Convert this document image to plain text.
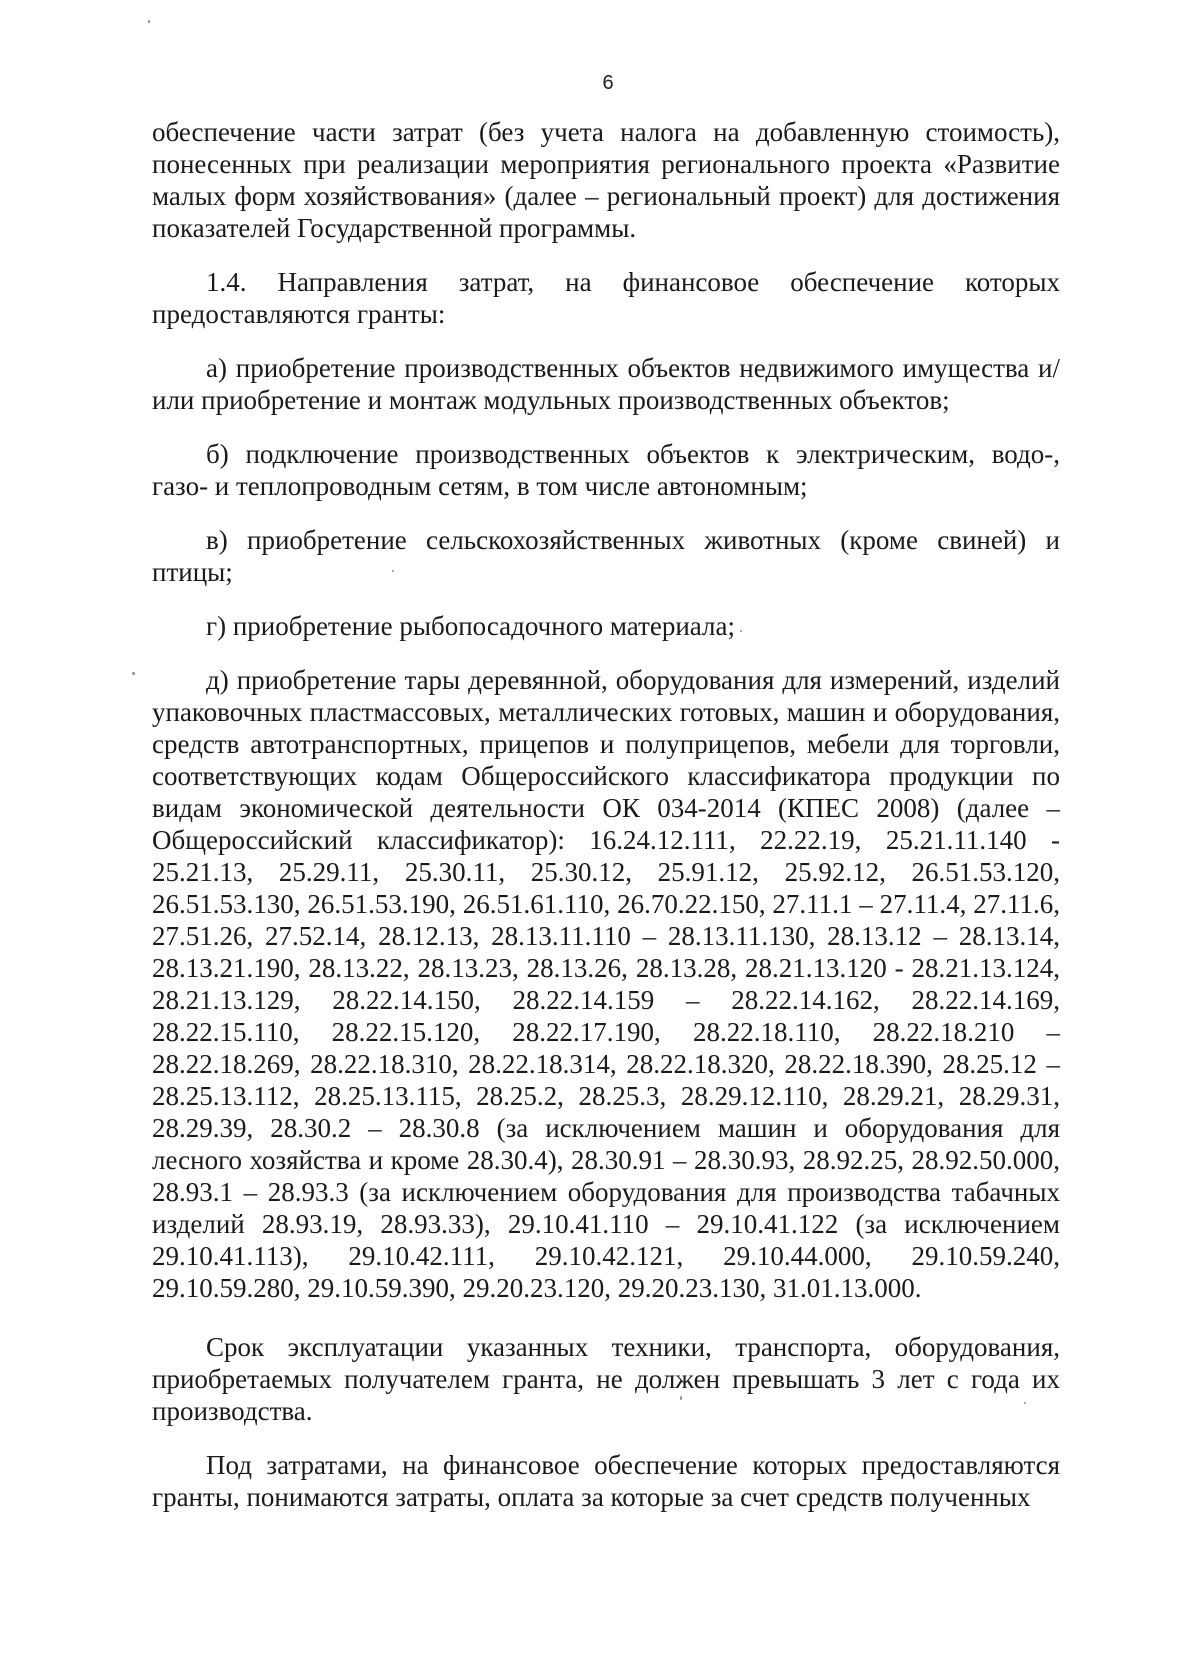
6

обеспечение части затрат (без учета налога на добавленную стоимость), понесенных при реализации мероприятия регионального проекта «Развитие малых форм хозяйствования» (далее – региональный проект) для достижения показателей Государственной программы.

1.4. Направления затрат, на финансовое обеспечение которых предоставляются гранты:

а) приобретение производственных объектов недвижимого имущества и/или приобретение и монтаж модульных производственных объектов;

б) подключение производственных объектов к электрическим, водо-, газо- и теплопроводным сетям, в том числе автономным;

в) приобретение сельскохозяйственных животных (кроме свиней) и птицы;

г) приобретение рыбопосадочного материала;

д) приобретение тары деревянной, оборудования для измерений, изделий упаковочных пластмассовых, металлических готовых, машин и оборудования, средств автотранспортных, прицепов и полуприцепов, мебели для торговли, соответствующих кодам Общероссийского классификатора продукции по видам экономической деятельности ОК 034-2014 (КПЕС 2008) (далее – Общероссийский классификатор): 16.24.12.111, 22.22.19, 25.21.11.140 - 25.21.13, 25.29.11, 25.30.11, 25.30.12, 25.91.12, 25.92.12, 26.51.53.120, 26.51.53.130, 26.51.53.190, 26.51.61.110, 26.70.22.150, 27.11.1 – 27.11.4, 27.11.6, 27.51.26, 27.52.14, 28.12.13, 28.13.11.110 – 28.13.11.130, 28.13.12 – 28.13.14, 28.13.21.190, 28.13.22, 28.13.23, 28.13.26, 28.13.28, 28.21.13.120 - 28.21.13.124, 28.21.13.129, 28.22.14.150, 28.22.14.159 – 28.22.14.162, 28.22.14.169, 28.22.15.110, 28.22.15.120, 28.22.17.190, 28.22.18.110, 28.22.18.210 – 28.22.18.269, 28.22.18.310, 28.22.18.314, 28.22.18.320, 28.22.18.390, 28.25.12 – 28.25.13.112, 28.25.13.115, 28.25.2, 28.25.3, 28.29.12.110, 28.29.21, 28.29.31, 28.29.39, 28.30.2 – 28.30.8 (за исключением машин и оборудования для лесного хозяйства и кроме 28.30.4), 28.30.91 – 28.30.93, 28.92.25, 28.92.50.000, 28.93.1 – 28.93.3 (за исключением оборудования для производства табачных изделий 28.93.19, 28.93.33), 29.10.41.110 – 29.10.41.122 (за исключением 29.10.41.113), 29.10.42.111, 29.10.42.121, 29.10.44.000, 29.10.59.240, 29.10.59.280, 29.10.59.390, 29.20.23.120, 29.20.23.130, 31.01.13.000.

Срок эксплуатации указанных техники, транспорта, оборудования, приобретаемых получателем гранта, не должен превышать 3 лет с года их производства.

Под затратами, на финансовое обеспечение которых предоставляются гранты, понимаются затраты, оплата за которые за счет средств полученных
